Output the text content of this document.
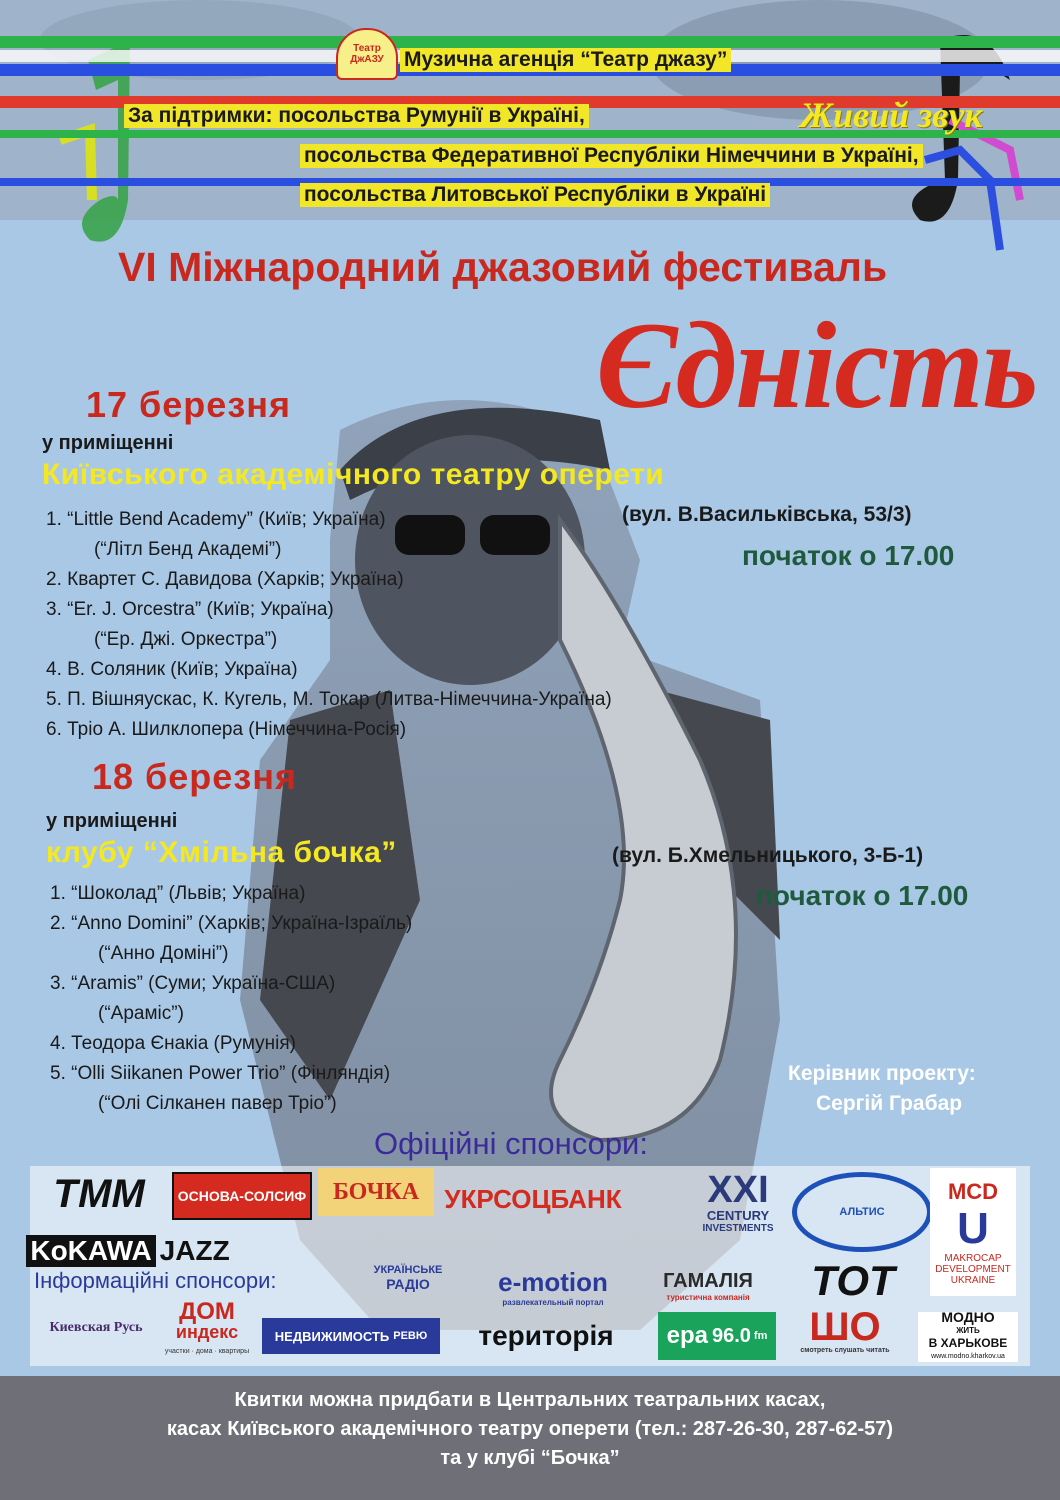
Театр ДжАЗУ Музична агенція “Театр джазу”
За підтримки: посольства Румунії в Україні,
посольства Федеративної Республіки Німеччини в Україні,
посольства Литовської Республіки в Україні
Живий звук
VI Міжнародний джазовий фестиваль
Єдність
17 березня
у приміщенні
Київського академічного театру оперети
(вул. В.Васильківська, 53/3)
початок о 17.00
1. “Little Bend Academy” (Київ; Україна)
(“Літл Бенд Академі”)
2. Квартет С. Давидова (Харків; Україна)
3. “Er. J. Orcestra” (Київ; Україна)
(“Ер. Джі. Оркестра”)
4. В. Соляник (Київ; Україна)
5. П. Вішняускас, К. Кугель, М. Токар (Литва-Німеччина-Україна)
6. Тріо А. Шилклопера (Німеччина-Росія)
18 березня
у приміщенні
клубу “Хмільна бочка”	(вул. Б.Хмельницького, 3-Б-1)
початок о 17.00
1. “Шоколад” (Львів; Україна)
2. “Anno Domini” (Харків; Україна-Ізраїль)
(“Анно Доміні”)
3. “Aramis” (Суми; Україна-США)
(“Араміс”)
4. Теодора Єнакіа (Румунія)
5. “Olli Siikanen Power Trio” (Фінляндія)
(“Олі Сілканен павер Тріо”)
Керівник проекту:
Сергій Грабар
Офіційні спонсори:
ТММ ОСНОВА-СОЛСИФ БОЧКА УКРСОЦБАНК XXI
CENTURY
INVESTMENTS
АЛЬТИС
MCD
U
MAKROCAP
DEVELOPMENT
UKRAINE
KoKAWA JAZZ
Інформаційні спонсори:	УКРАЇНСЬКЕ
РАДІО	e-motion
развлекательный портал
ГАМАЛІЯ
туристична компанія ТОТ
Киевская Русь
ДОМ
индекс
участки · дома · квартиры
НЕДВИЖИМОСТЬ РЕВЮ територія ера 96.0 fm ШО
смотреть слушать читать
МОДНО
ЖИТЬ
В ХАРЬКОВЕ
www.modno.kharkov.ua
Квитки можна придбати в Центральних театральних касах,
касах Київського академічного театру оперети (тел.: 287-26-30, 287-62-57)
та у клубі “Бочка”
